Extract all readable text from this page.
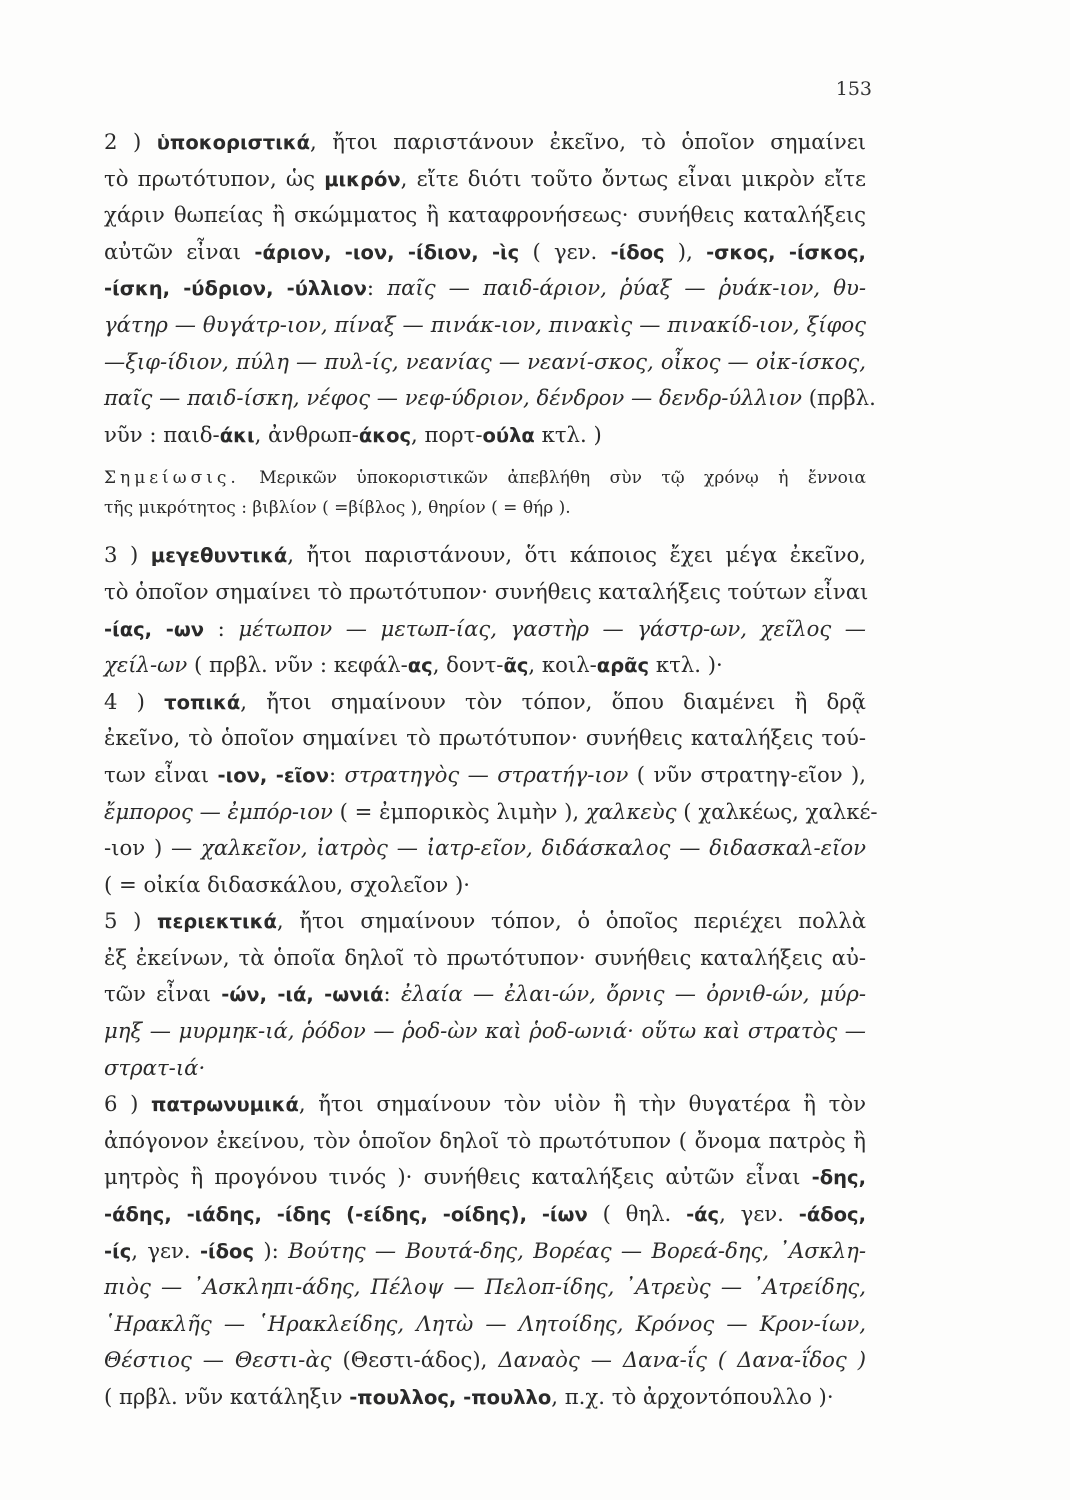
153
2 ) ὑποκοριστικά, ἤτοι παριστάνουν ἐκεῖνο, τὸ ὁποῖον σημαίνει
τὸ πρωτότυπον, ὡς μικρόν, εἴτε διότι τοῦτο ὄντως εἶναι μικρὸν εἴτε
χάριν θωπείας ἢ σκώμματος ἢ καταφρονήσεως· συνήθεις καταλήξεις
αὐτῶν εἶναι -άριον, -ιον, -ίδιον, -ὶς ( γεν. -ίδος ), -σκος, -ίσκος,
-ίσκη, -ύδριον, -ύλλιον: παῖς — παιδ-άριον, ῥύαξ — ῥυάκ-ιον, θυ-
γάτηρ — θυγάτρ-ιον, πίναξ — πινάκ-ιον, πινακὶς — πινακίδ-ιον, ξίφος
—ξιφ-ίδιον, πύλη — πυλ-ίς, νεανίας — νεανί-σκος, οἶκος — οἰκ-ίσκος,
παῖς — παιδ-ίσκη, νέφος — νεφ-ύδριον, δένδρον — δενδρ-ύλλιον (πρβλ.
νῦν : παιδ-άκι, ἀνθρωπ-άκος, πορτ-ούλα κτλ. )
Σημείωσις. Μερικῶν ὑποκοριστικῶν ἀπεβλήθη σὺν τῷ χρόνῳ ἡ ἔννοια
τῆς μικρότητος : βιβλίον ( =βίβλος ), θηρίον ( = θήρ ).
3 ) μεγεθυντικά, ἤτοι παριστάνουν, ὅτι κάποιος ἔχει μέγα ἐκεῖνο,
τὸ ὁποῖον σημαίνει τὸ πρωτότυπον· συνήθεις καταλήξεις τούτων εἶναι
-ίας, -ων : μέτωπον — μετωπ-ίας, γαστὴρ — γάστρ-ων, χεῖλος —
χείλ-ων ( πρβλ. νῦν : κεφάλ-ας, δοντ-ᾶς, κοιλ-αρᾶς κτλ. )·
4 ) τοπικά, ἤτοι σημαίνουν τὸν τόπον, ὅπου διαμένει ἢ δρᾷ
ἐκεῖνο, τὸ ὁποῖον σημαίνει τὸ πρωτότυπον· συνήθεις καταλήξεις τού-
των εἶναι -ιον, -εῖον: στρατηγὸς — στρατήγ-ιον ( νῦν στρατηγ-εῖον ),
ἔμπορος — ἐμπόρ-ιον ( = ἐμπορικὸς λιμὴν ), χαλκεὺς ( χαλκέως, χαλκέ-
-ιον ) — χαλκεῖον, ἰατρὸς — ἰατρ-εῖον, διδάσκαλος — διδασκαλ-εῖον
( = οἰκία διδασκάλου, σχολεῖον )·
5 ) περιεκτικά, ἤτοι σημαίνουν τόπον, ὁ ὁποῖος περιέχει πολλὰ
ἐξ ἐκείνων, τὰ ὁποῖα δηλοῖ τὸ πρωτότυπον· συνήθεις καταλήξεις αὐ-
τῶν εἶναι -ών, -ιά, -ωνιά: ἐλαία — ἐλαι-ών, ὄρνις — ὀρνιθ-ών, μύρ-
μηξ — μυρμηκ-ιά, ῥόδον — ῥοδ-ὼν καὶ ῥοδ-ωνιά· οὕτω καὶ στρατὸς —
στρατ-ιά·
6 ) πατρωνυμικά, ἤτοι σημαίνουν τὸν υἱὸν ἢ τὴν θυγατέρα ἢ τὸν
ἀπόγονον ἐκείνου, τὸν ὁποῖον δηλοῖ τὸ πρωτότυπον ( ὄνομα πατρὸς ἢ
μητρὸς ἢ προγόνου τινός )· συνήθεις καταλήξεις αὐτῶν εἶναι -δης,
-άδης, -ιάδης, -ίδης (-είδης, -οίδης), -ίων ( θηλ. -άς, γεν. -άδος,
-ίς, γεν. -ίδος ): Βούτης — Βουτά-δης, Βορέας — Βορεά-δης, ᾿Ασκλη-
πιὸς — ᾿Ασκληπι-άδης, Πέλοψ — Πελοπ-ίδης, ᾿Ατρεὺς — ᾿Ατρείδης,
῾Ηρακλῆς — ῾Ηρακλείδης, Λητὼ — Λητοίδης, Κρόνος — Κρον-ίων,
Θέστιος — Θεστι-ὰς (Θεστι-άδος), Δαναὸς — Δανα-ΐς ( Δανα-ΐδος )
( πρβλ. νῦν κατάληξιν -πουλλος, -πουλλο, π.χ. τὸ ἀρχοντόπουλλο )·
